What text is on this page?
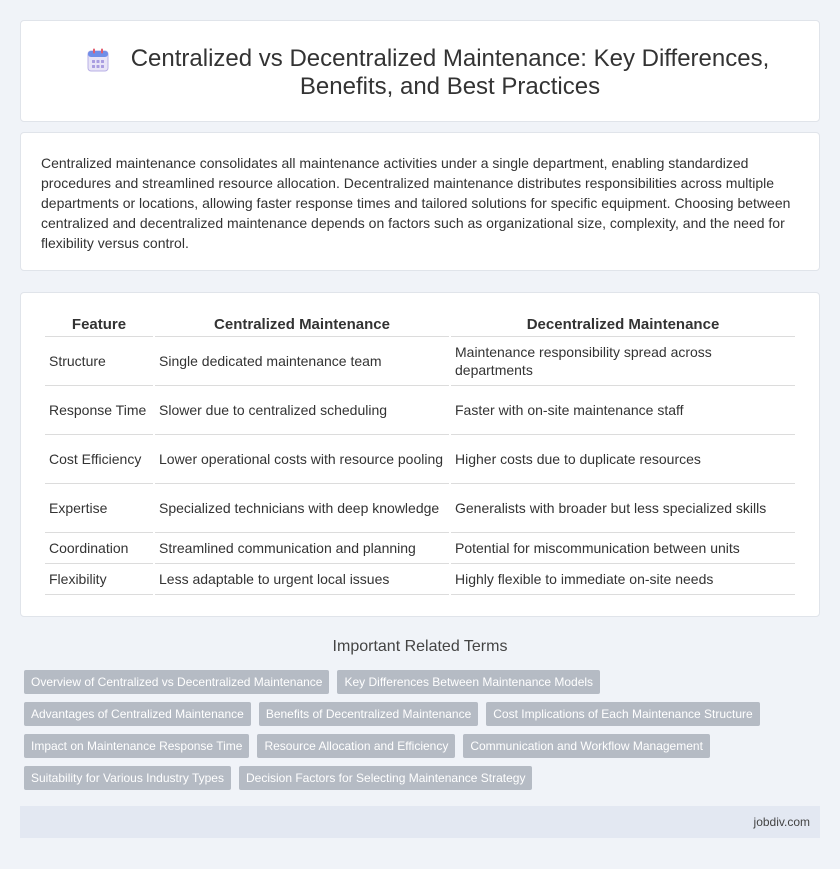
Centralized vs Decentralized Maintenance: Key Differences,
Benefits, and Best Practices

Centralized maintenance consolidates all maintenance activities under a single department, enabling standardized procedures and streamlined resource allocation. Decentralized maintenance distributes responsibilities across multiple departments or locations, allowing faster response times and tailored solutions for specific equipment. Choosing between centralized and decentralized maintenance depends on factors such as organizational size, complexity, and the need for flexibility versus control.

Feature	Centralized Maintenance	Decentralized Maintenance
Structure	Single dedicated maintenance team	Maintenance responsibility spread across departments
Response Time	Slower due to centralized scheduling	Faster with on-site maintenance staff
Cost Efficiency	Lower operational costs with resource pooling	Higher costs due to duplicate resources
Expertise	Specialized technicians with deep knowledge	Generalists with broader but less specialized skills
Coordination	Streamlined communication and planning	Potential for miscommunication between units
Flexibility	Less adaptable to urgent local issues	Highly flexible to immediate on-site needs
Important Related Terms
Overview of Centralized vs Decentralized Maintenance	Key Differences Between Maintenance Models
Advantages of Centralized Maintenance	Benefits of Decentralized Maintenance	Cost Implications of Each Maintenance Structure
Impact on Maintenance Response Time	Resource Allocation and Efficiency	Communication and Workflow Management
Suitability for Various Industry Types	Decision Factors for Selecting Maintenance Strategy
jobdiv.com
